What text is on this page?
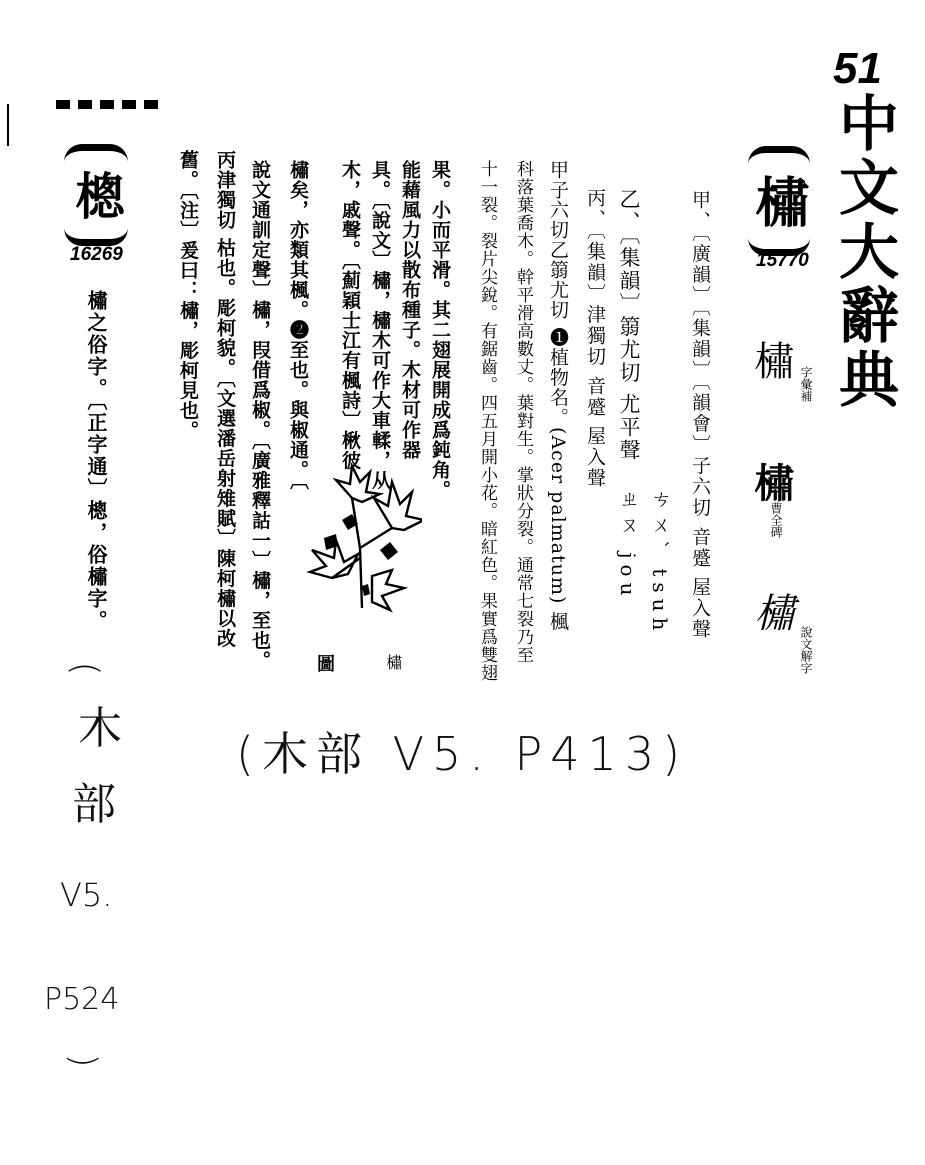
51
中文大辭典
橚
15770
橚 字彙補
橚
曹全碑
橚
說文解字
甲、〔廣韻〕〔集韻〕〔韻會〕子六切 音蹙 屋入聲
ㄘㄨˋ tsuh
乙、〔集韻〕篛尤切 尤平聲
ㄓㄡ jou
丙、〔集韻〕津獨切 音蹙 屋入聲
甲子六切乙篛尤切 ❶植物名。(Acer palmatum) 楓
科落葉喬木。幹平滑高數丈。葉對生。掌狀分裂。通常七裂乃至
十一裂。裂片尖銳。有鋸齒。四五月開小花。暗紅色。果實爲雙翅
果。小而平滑。其二翅展開成爲鈍角。
能藉風力以散布種子。木材可作器
具。〔說文〕橚，橚木可作大車輮，从
木，戚聲。〔薊穎士江有楓詩〕楸彼
橚矣，亦類其楓。❷至也。與椒通。〔
說文通訓定聲〕橚，叚借爲椒。〔廣雅釋詁一〕橚，至也。
丙津獨切 枯也。彫柯貌。〔文選潘岳射雉賦〕陳柯橚以改
舊。〔注〕爰曰：橚，彫柯見也。
橚
圖
樬
16269
橚之俗字。〔正字通〕樬，俗橚字。
(木部 V5. P413)
(
木
部
V5.
P524
)
